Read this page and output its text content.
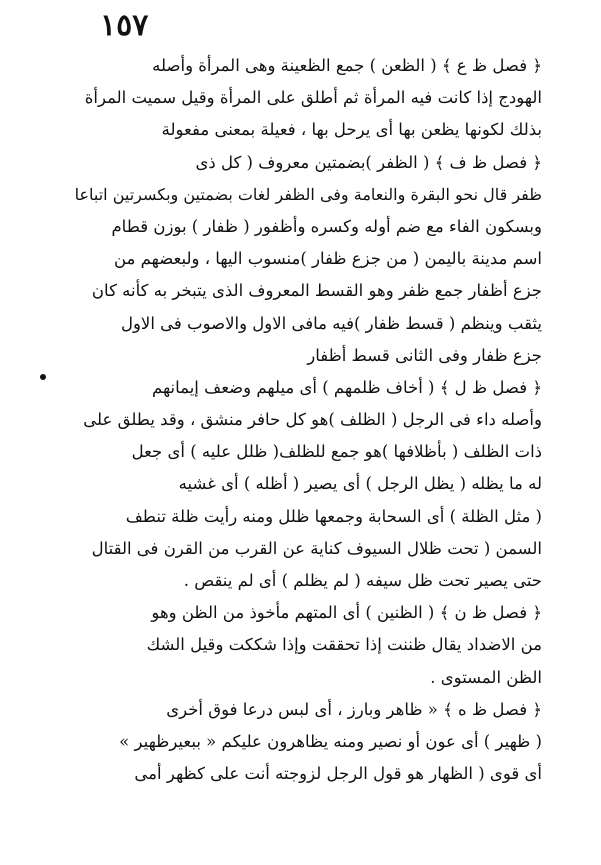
١٥٧
﴿ فصل ظ ع ﴾ ( الظعن ) جمع الظعينة وهى المرأة وأصله
الهودج إذا كانت فيه المرأة ثم أطلق على المرأة وقيل سميت المرأة
بذلك لكونها يظعن بها أى يرحل بها ، فعيلة بمعنى مفعولة
﴿ فصل ظ ف ﴾ ( الظفر )بضمتين معروف ( كل ذى
ظفر قال نحو البقرة والنعامة وفى الظفر لغات بضمتين وبكسرتين اتباعا
وبسكون الفاء مع ضم أوله وكسره وأظفور ( ظفار ) بوزن قطام
اسم مدينة باليمن ( من جزع ظفار )منسوب اليها ، ولبعضهم من
جزع أظفار جمع ظفر وهو القسط المعروف الذى يتبخر به كأنه كان
يثقب وينظم ( قسط ظفار )فيه مافى الاول والاصوب فى الاول
جزع ظفار وفى الثانى قسط أظفار
﴿ فصل ظ ل ﴾ ( أخاف ظلمهم ) أى ميلهم وضعف إيمانهم
وأصله داء فى الرجل ( الظلف )هو كل حافر منشق ، وقد يطلق على
ذات الظلف ( بأظلافها )هو جمع للظلف( ظلل عليه ) أى جعل
له ما يظله ( يظل الرجل ) أى يصير ( أظله ) أى غشيه
( مثل الظلة ) أى السحابة وجمعها ظلل ومنه رأيت ظلة تنطف
السمن ( تحت ظلال السيوف كناية عن القرب من القرن فى القتال
حتى يصير تحت ظل سيفه ( لم يظلم ) أى لم ينقص .
﴿ فصل ظ ن ﴾ ( الظنين ) أى المتهم مأخوذ من الظن وهو
من الاضداد يقال ظننت إذا تحققت وإذا شككت وقيل الشك
الظن المستوى .
﴿ فصل ظ ه ﴾ « ظاهر وبارز ، أى لبس درعا فوق أخرى
( ظهير ) أى عون أو نصير ومنه يظاهرون عليكم « ببعيرظهير »
أى قوى ( الظهار هو قول الرجل لزوجته أنت على كظهر أمى
